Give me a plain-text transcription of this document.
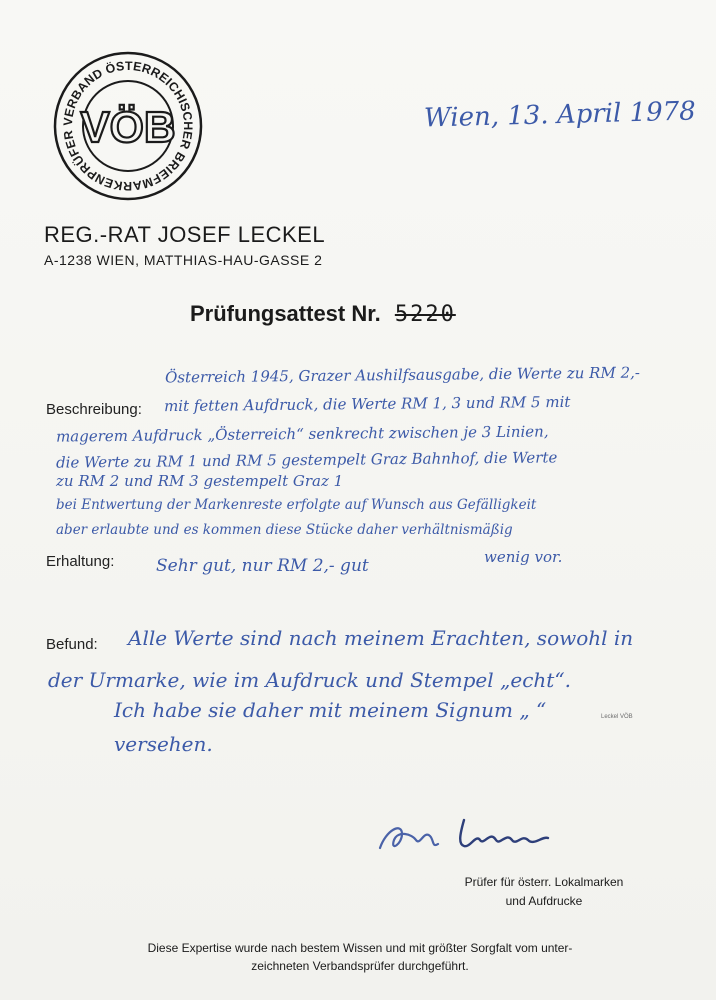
VERBAND ÖSTERREICHISCHER BRIEFMARKENPRÜFER VÖB	Wien, 13. April 1978
REG.-RAT JOSEF LECKEL
A-1238 WIEN, MATTHIAS-HAU-GASSE 2
Prüfungsattest Nr. 5220
Beschreibung:
Erhaltung:
Befund:
Österreich 1945, Grazer Aushilfsausgabe, die Werte zu RM 2,-
mit fetten Aufdruck, die Werte RM 1, 3 und RM 5 mit
magerem Aufdruck „Österreich“ senkrecht zwischen je 3 Linien,
die Werte zu RM 1 und RM 5 gestempelt Graz Bahnhof, die Werte
zu RM 2 und RM 3 gestempelt Graz 1
bei Entwertung der Markenreste erfolgte auf Wunsch aus Gefälligkeit
aber erlaubte und es kommen diese Stücke daher verhältnismäßig
wenig vor.
Sehr gut, nur RM 2,- gut
Alle Werte sind nach meinem Erachten, sowohl in
der Urmarke, wie im Aufdruck und Stempel „echt“.
Ich habe sie daher mit meinem Signum „ “
versehen.
Leckel VÖB
Prüfer für österr. Lokalmarken
und Aufdrucke
Diese Expertise wurde nach bestem Wissen und mit größter Sorgfalt vom unter-
zeichneten Verbandsprüfer durchgeführt.
